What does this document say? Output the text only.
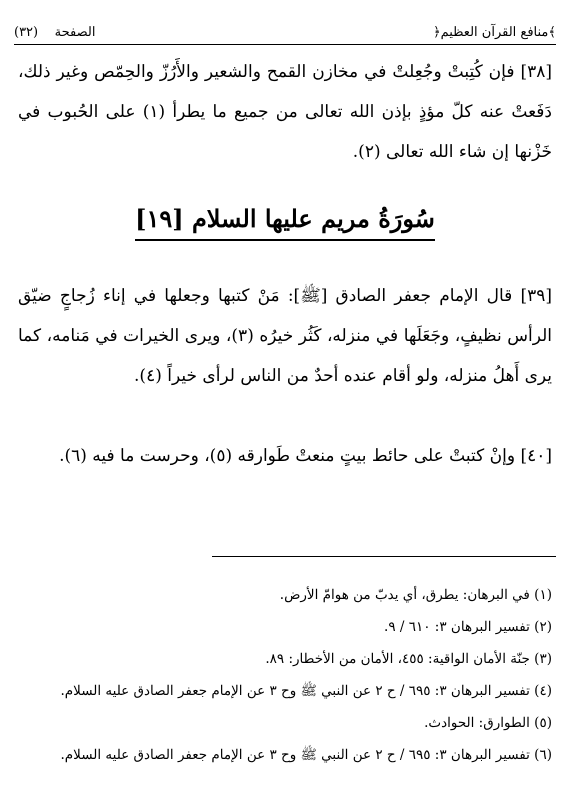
﴾منافع القرآن العظيم﴿
الصفحة    (٣٢)
[٣٨] فإن كُتِبتْ وجُعِلتْ في مخازن القمح والشعير والأَرُزّ والحِمّص وغير ذلك، دَفَعتْ عنه كلّ مؤذٍ بإذن الله تعالى من جميع ما يطرأ (١) على الحُبوب في خَزْنها إن شاء الله تعالى (٢).
سُورَةُ مريم عليها السلام [١٩]
[٣٩] قال الإمام جعفر الصادق [ﷺ]: مَنْ كتبها وجعلها في إناء زُجاجٍ ضيّق الرأس نظيفٍ، وجَعَلَها في منزله، كَثُر خيرُه (٣)، ويرى الخيرات في مَنامه، كما يرى أَهلُ منزله، ولو أقام عنده أحدٌ من الناس لرأى خيراً (٤).
[٤٠] وإنْ كتبتْ على حائط بيتٍ منعتْ طَوارقه (٥)، وحرست ما فيه (٦).
(١) في البرهان: يطرق، أي يدبّ من هوامّ الأرض.
(٢) تفسير البرهان ٣: ٦١٠ / ٩.
(٣) جنّة الأمان الواقية: ٤٥٥، الأمان من الأخطار: ٨٩.
(٤) تفسير البرهان ٣: ٦٩٥ / ح ٢ عن النبي ﷺ وح ٣ عن الإمام جعفر الصادق عليه السلام.
(٥) الطوارق: الحوادث.
(٦) تفسير البرهان ٣: ٦٩٥ / ح ٢ عن النبي ﷺ وح ٣ عن الإمام جعفر الصادق عليه السلام.
